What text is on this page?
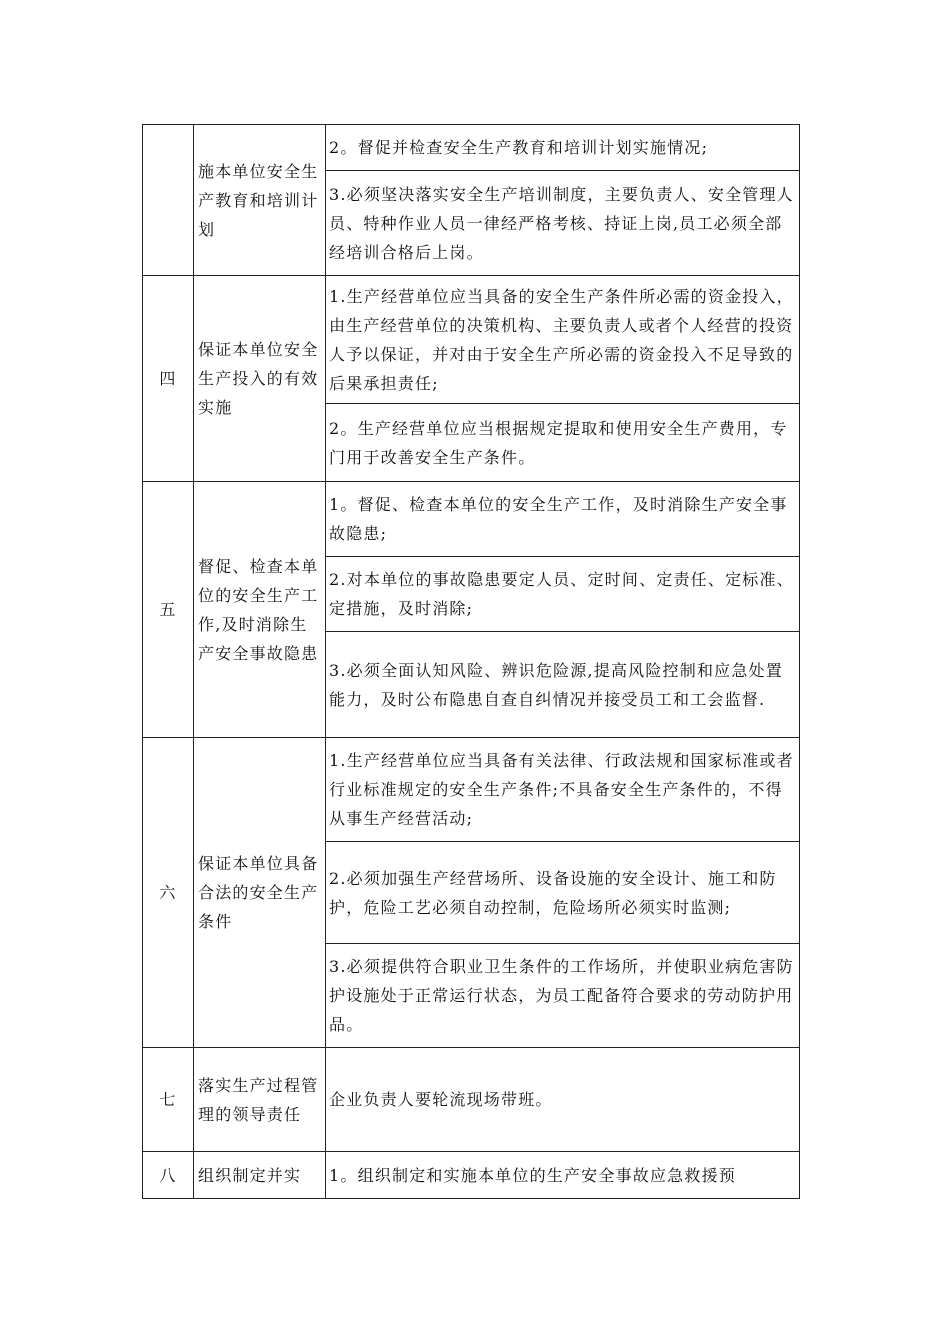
	施本单位安全生产教育和培训计划	2。督促并检查安全生产教育和培训计划实施情况;
		3.必须坚决落实安全生产培训制度，主要负责人、安全管理人员、特种作业人员一律经严格考核、持证上岗,员工必须全部经培训合格后上岗。
四	保证本单位安全生产投入的有效实施	1.生产经营单位应当具备的安全生产条件所必需的资金投入，由生产经营单位的决策机构、主要负责人或者个人经营的投资人予以保证，并对由于安全生产所必需的资金投入不足导致的后果承担责任;
		2。生产经营单位应当根据规定提取和使用安全生产费用，专门用于改善安全生产条件。
五	督促、检查本单位的安全生产工作,及时消除生产安全事故隐患	1。督促、检查本单位的安全生产工作，及时消除生产安全事故隐患;
		2.对本单位的事故隐患要定人员、定时间、定责任、定标准、定措施，及时消除;
		3.必须全面认知风险、辨识危险源,提高风险控制和应急处置能力，及时公布隐患自查自纠情况并接受员工和工会监督.
六	保证本单位具备合法的安全生产条件	1.生产经营单位应当具备有关法律、行政法规和国家标准或者行业标准规定的安全生产条件;不具备安全生产条件的，不得从事生产经营活动;
		2.必须加强生产经营场所、设备设施的安全设计、施工和防护，危险工艺必须自动控制，危险场所必须实时监测;
		3.必须提供符合职业卫生条件的工作场所，并使职业病危害防护设施处于正常运行状态，为员工配备符合要求的劳动防护用品。
七	落实生产过程管理的领导责任	企业负责人要轮流现场带班。
八	组织制定并实	1。组织制定和实施本单位的生产安全事故应急救援预
